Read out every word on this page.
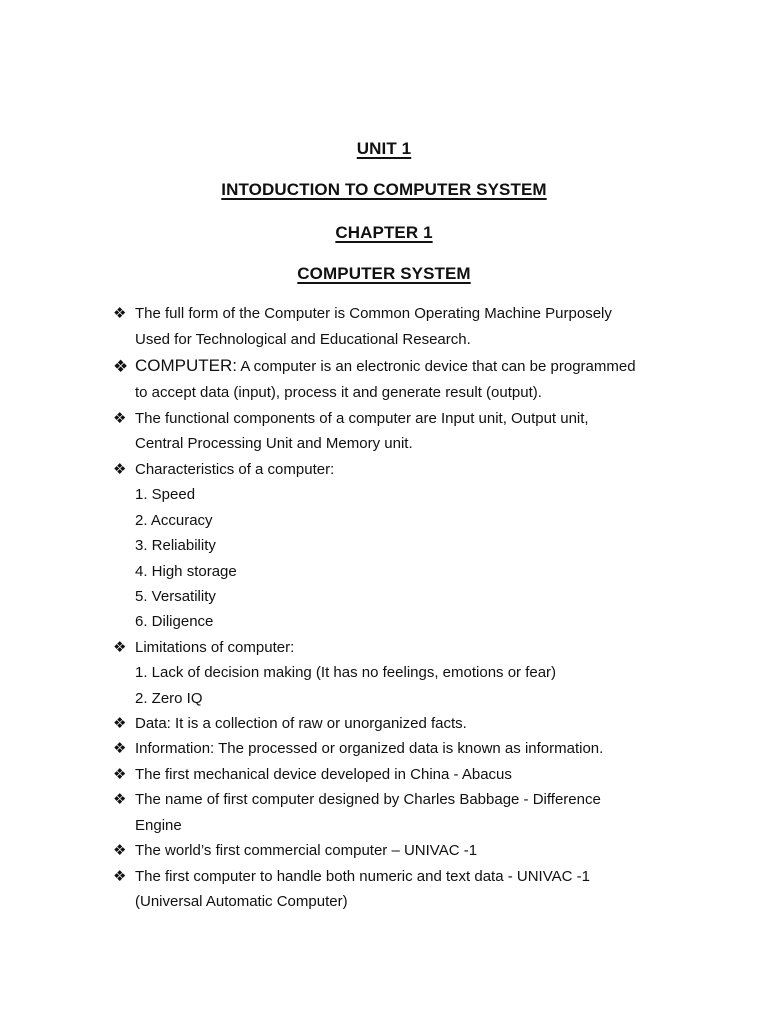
UNIT 1
INTODUCTION TO COMPUTER SYSTEM
CHAPTER 1
COMPUTER SYSTEM
❖ The full form of the Computer is Common Operating Machine Purposely
Used for Technological and Educational Research.
❖ COMPUTER: A computer is an electronic device that can be programmed
to accept data (input), process it and generate result (output).
❖ The functional components of a computer are Input unit, Output unit,
Central Processing Unit and Memory unit.
❖ Characteristics of a computer:
1. Speed
2. Accuracy
3. Reliability
4. High storage
5. Versatility
6. Diligence
❖ Limitations of computer:
1. Lack of decision making (It has no feelings, emotions or fear)
2. Zero IQ
❖ Data: It is a collection of raw or unorganized facts.
❖ Information: The processed or organized data is known as information.
❖ The first mechanical device developed in China - Abacus
❖ The name of first computer designed by Charles Babbage - Difference
Engine
❖ The world’s first commercial computer – UNIVAC -1
❖ The first computer to handle both numeric and text data - UNIVAC -1
(Universal Automatic Computer)
